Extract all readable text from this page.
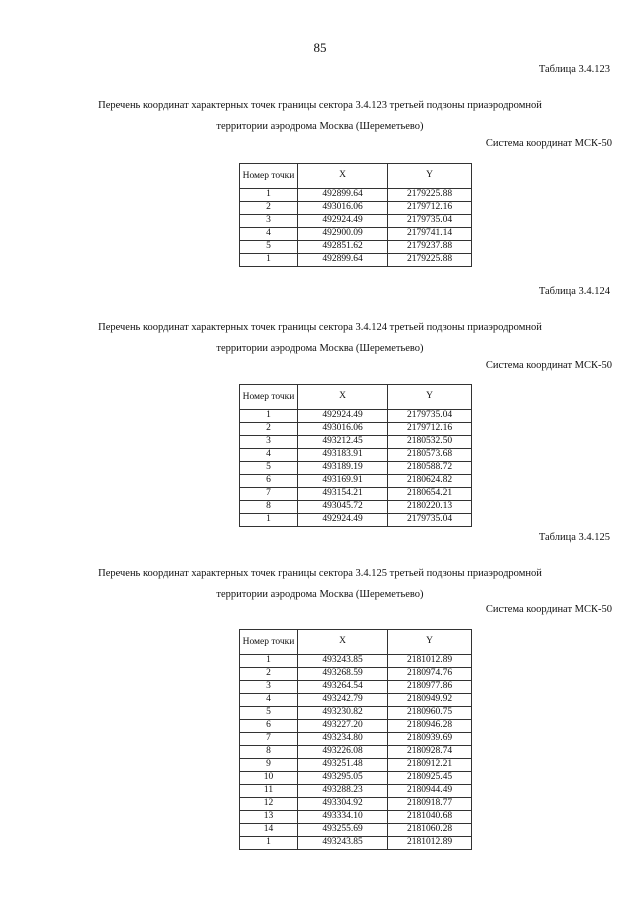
85
Таблица 3.4.123
Перечень координат характерных точек границы сектора 3.4.123 третьей подзоны приаэродромной
территории аэродрома Москва (Шереметьево)
Система координат МСК-50
Номер точки	X	Y
1	492899.64	2179225.88
2	493016.06	2179712.16
3	492924.49	2179735.04
4	492900.09	2179741.14
5	492851.62	2179237.88
1	492899.64	2179225.88
Таблица 3.4.124
Перечень координат характерных точек границы сектора 3.4.124 третьей подзоны приаэродромной
территории аэродрома Москва (Шереметьево)
Система координат МСК-50
Номер точки	X	Y
1	492924.49	2179735.04
2	493016.06	2179712.16
3	493212.45	2180532.50
4	493183.91	2180573.68
5	493189.19	2180588.72
6	493169.91	2180624.82
7	493154.21	2180654.21
8	493045.72	2180220.13
1	492924.49	2179735.04
Таблица 3.4.125
Перечень координат характерных точек границы сектора 3.4.125 третьей подзоны приаэродромной
территории аэродрома Москва (Шереметьево)
Система координат МСК-50
Номер точки	X	Y
1	493243.85	2181012.89
2	493268.59	2180974.76
3	493264.54	2180977.86
4	493242.79	2180949.92
5	493230.82	2180960.75
6	493227.20	2180946.28
7	493234.80	2180939.69
8	493226.08	2180928.74
9	493251.48	2180912.21
10	493295.05	2180925.45
11	493288.23	2180944.49
12	493304.92	2180918.77
13	493334.10	2181040.68
14	493255.69	2181060.28
1	493243.85	2181012.89
